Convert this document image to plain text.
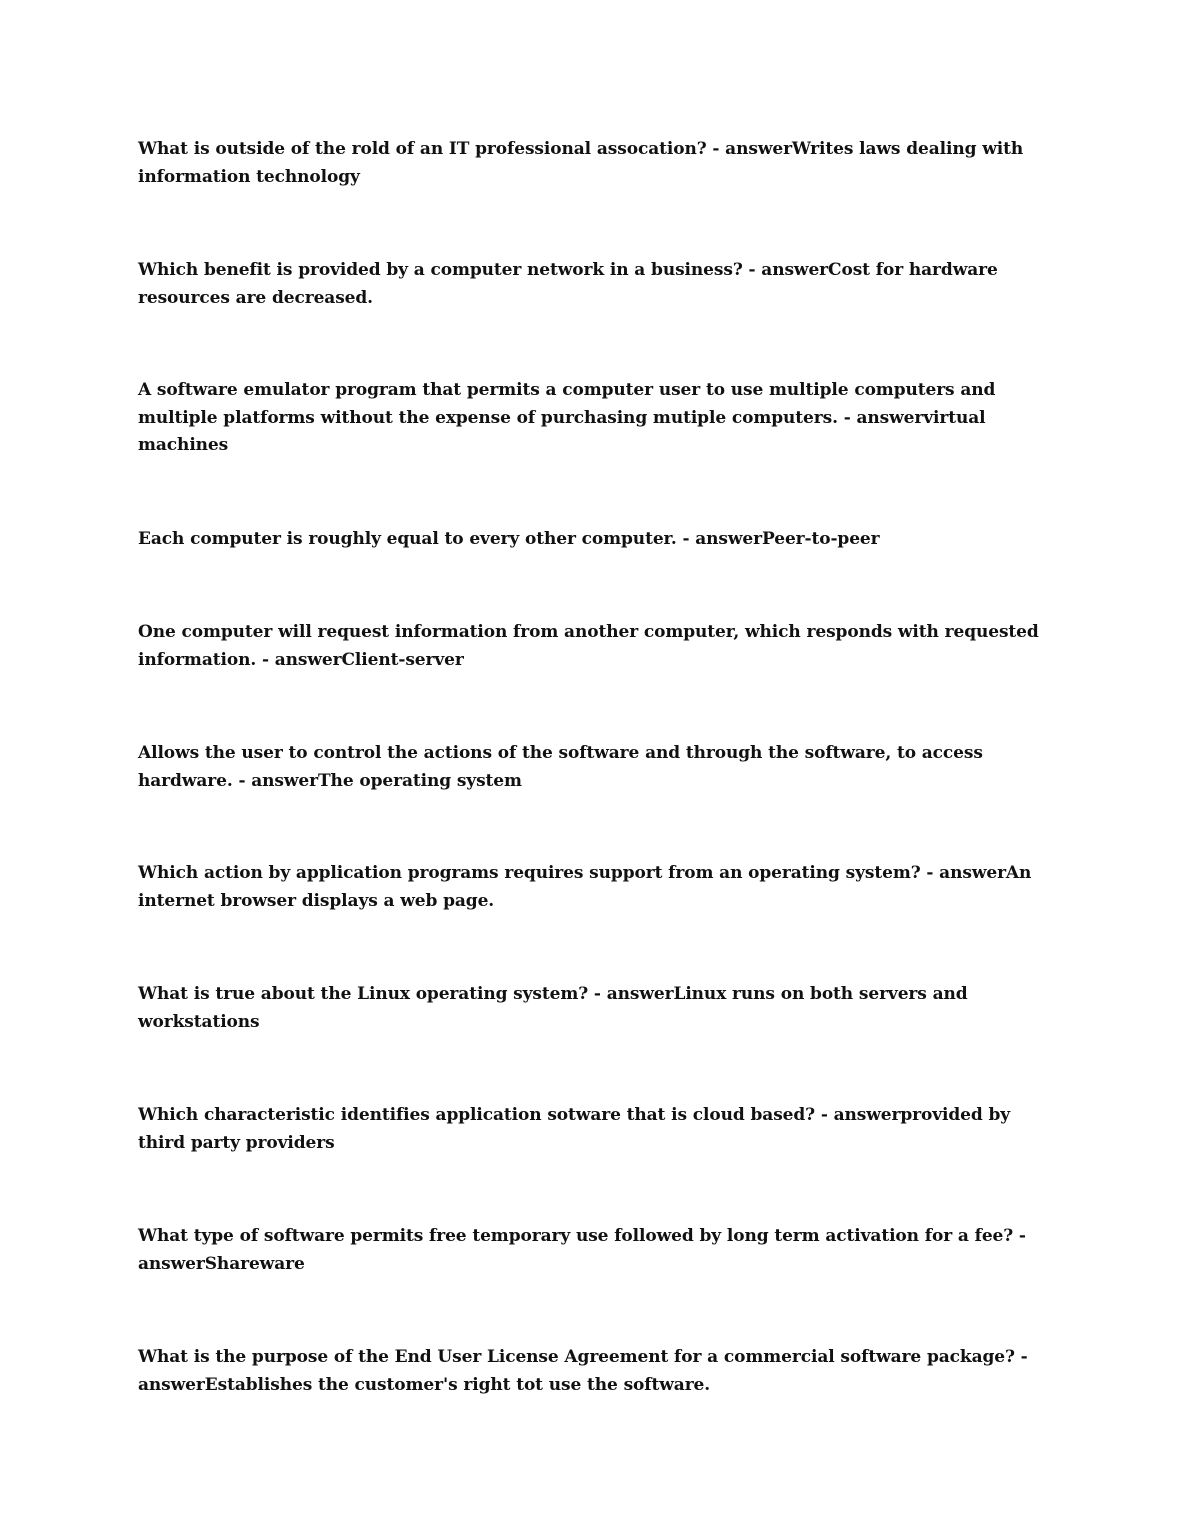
What is outside of the rold of an IT professional assocation? - answerWrites laws dealing with information technology

Which benefit is provided by a computer network in a business? - answerCost for hardware resources are decreased.

A software emulator program that permits a computer user to use multiple computers and multiple platforms without the expense of purchasing mutiple computers. - answervirtual machines

Each computer is roughly equal to every other computer. - answerPeer-to-peer

One computer will request information from another computer, which responds with requested information. - answerClient-server

Allows the user to control the actions of the software and through the software, to access hardware. - answerThe operating system

Which action by application programs requires support from an operating system? - answerAn internet browser displays a web page.

What is true about the Linux operating system? - answerLinux runs on both servers and workstations

Which characteristic identifies application sotware that is cloud based? - answerprovided by third party providers

What type of software permits free temporary use followed by long term activation for a fee? - answerShareware

What is the purpose of the End User License Agreement for a commercial software package? - answerEstablishes the customer's right tot use the software.
